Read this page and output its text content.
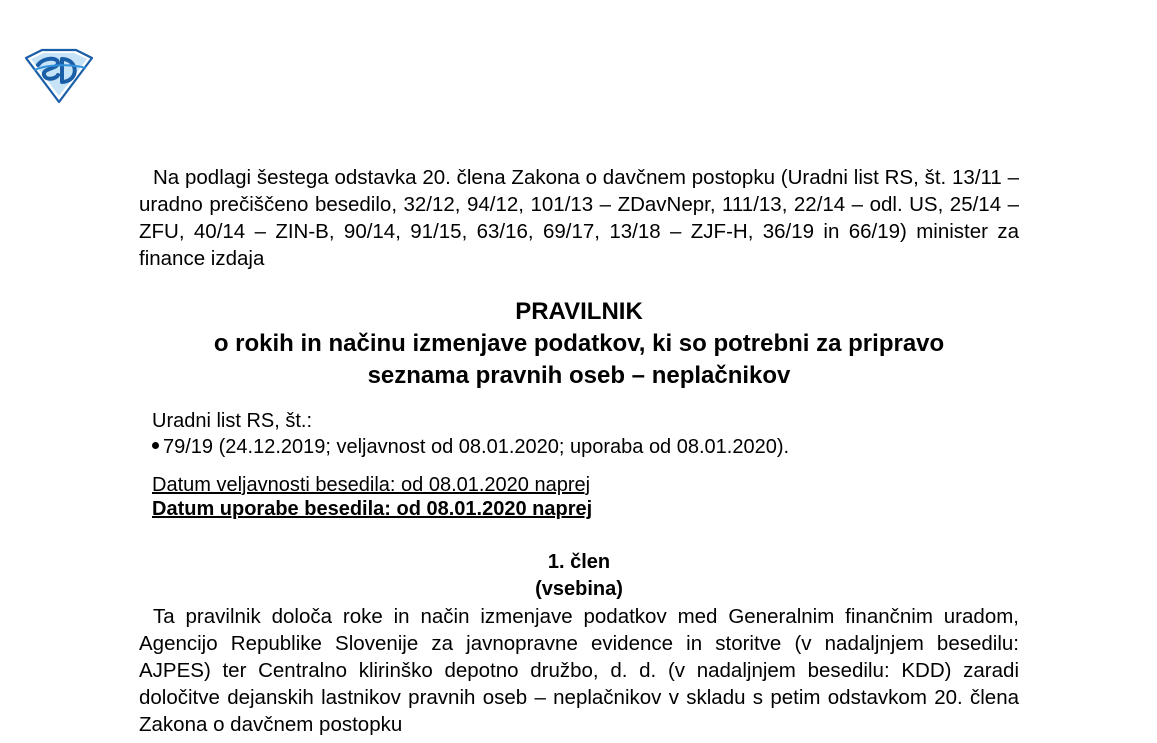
Na podlagi šestega odstavka 20. člena Zakona o davčnem postopku (Uradni list RS, št. 13/11 – uradno prečiščeno besedilo, 32/12, 94/12, 101/13 – ZDavNepr, 111/13, 22/14 – odl. US, 25/14 – ZFU, 40/14 – ZIN-B, 90/14, 91/15, 63/16, 69/17, 13/18 – ZJF-H, 36/19 in 66/19) minister za finance izdaja

PRAVILNIK
o rokih in načinu izmenjave podatkov, ki so potrebni za pripravo
seznama pravnih oseb – neplačnikov
Uradni list RS, št.:
79/19 (24.12.2019; veljavnost od 08.01.2020; uporaba od 08.01.2020).
Datum veljavnosti besedila: od 08.01.2020 naprej
Datum uporabe besedila: od 08.01.2020 naprej
1. člen
(vsebina)

Ta pravilnik določa roke in način izmenjave podatkov med Generalnim finančnim uradom, Agencijo Republike Slovenije za javnopravne evidence in storitve (v nadaljnjem besedilu: AJPES) ter Centralno klirinško depotno družbo, d. d. (v nadaljnjem besedilu: KDD) zaradi določitve dejanskih lastnikov pravnih oseb – neplačnikov v skladu s petim odstavkom 20. člena Zakona o davčnem postopku
